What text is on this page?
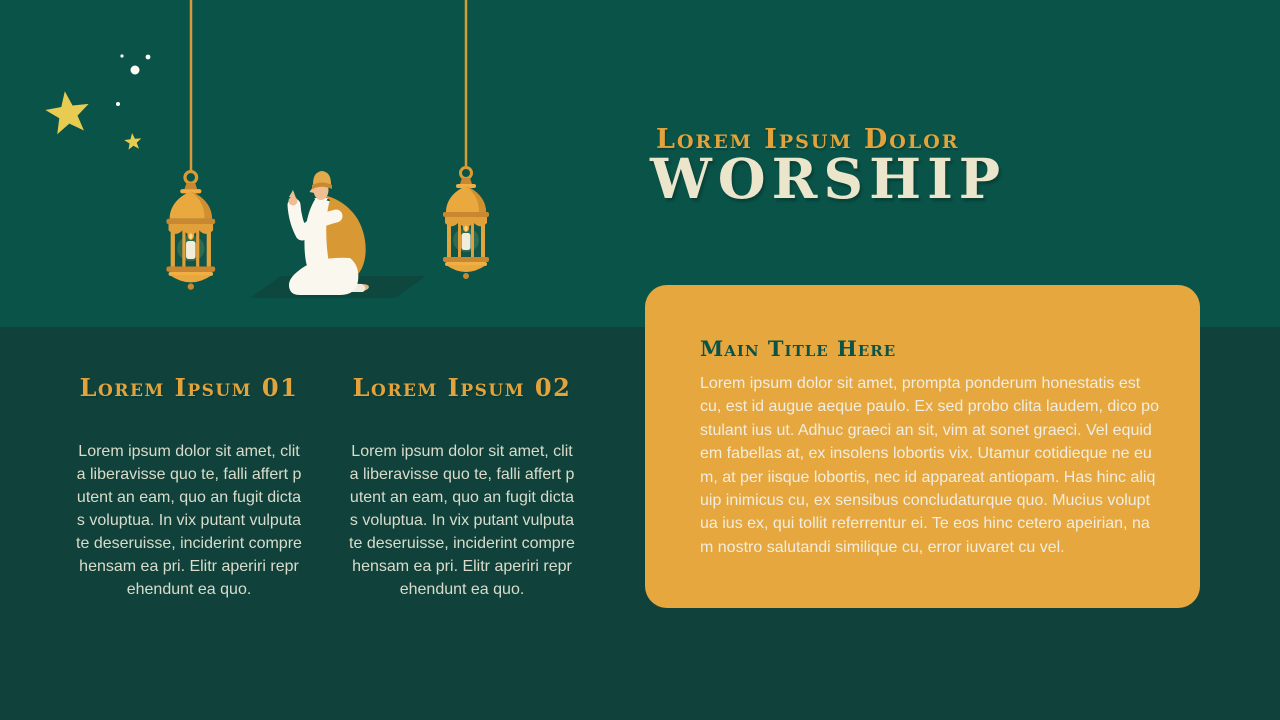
Lorem Ipsum Dolor
WORSHIP
Lorem Ipsum 01
Lorem ipsum dolor sit amet, clit
a liberavisse quo te, falli affert p
utent an eam, quo an fugit dicta
s voluptua. In vix putant vulputa
te deseruisse, inciderint compre
hensam ea pri. Elitr aperiri repr
ehendunt ea quo.
Lorem Ipsum 02
Lorem ipsum dolor sit amet, clit
a liberavisse quo te, falli affert p
utent an eam, quo an fugit dicta
s voluptua. In vix putant vulputa
te deseruisse, inciderint compre
hensam ea pri. Elitr aperiri repr
ehendunt ea quo.
Main Title Here
Lorem ipsum dolor sit amet, prompta ponderum honestatis est
cu, est id augue aeque paulo. Ex sed probo clita laudem, dico po
stulant ius ut. Adhuc graeci an sit, vim at sonet graeci. Vel equid
em fabellas at, ex insolens lobortis vix. Utamur cotidieque ne eu
m, at per iisque lobortis, nec id appareat antiopam. Has hinc aliq
uip inimicus cu, ex sensibus concludaturque quo. Mucius volupt
ua ius ex, qui tollit referrentur ei. Te eos hinc cetero apeirian, na
m nostro salutandi similique cu, error iuvaret cu vel.
